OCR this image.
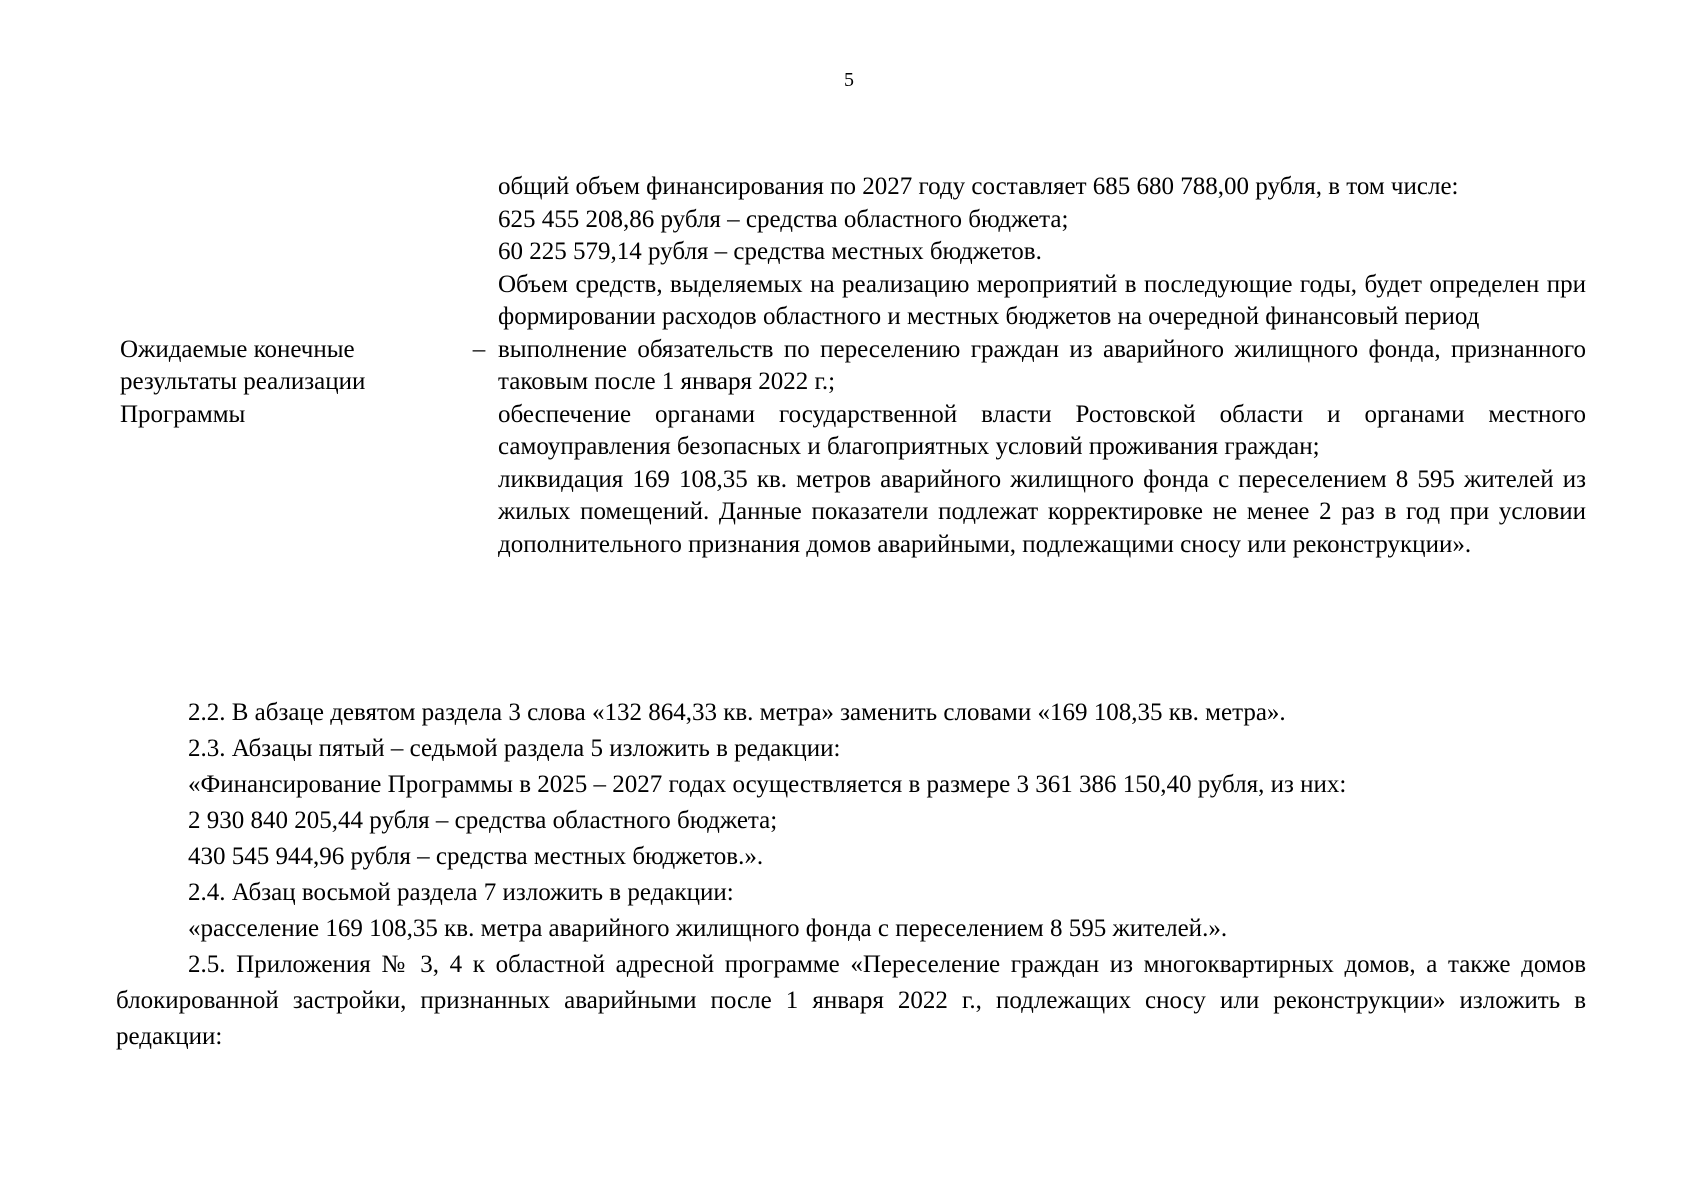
5

общий объем финансирования по 2027 году составляет 685 680 788,00 рубля, в том числе:

625 455 208,86 рубля – средства областного бюджета;

60 225 579,14 рубля – средства местных бюджетов.

Объем средств, выделяемых на реализацию мероприятий в последующие годы, будет определен при формировании расходов областного и местных бюджетов на очередной финансовый период

Ожидаемые конечные результаты реализации Программы
– выполнение обязательств по переселению граждан из аварийного жилищного фонда, признанного таковым после 1 января 2022 г.;

обеспечение органами государственной власти Ростовской области и органами местного самоуправления безопасных и благоприятных условий проживания граждан;

ликвидация 169 108,35 кв. метров аварийного жилищного фонда с переселением 8 595 жителей из жилых помещений. Данные показатели подлежат корректировке не менее 2 раз в год при условии дополнительного признания домов аварийными, подлежащими сносу или реконструкции».

2.2. В абзаце девятом раздела 3 слова «132 864,33 кв. метра» заменить словами «169 108,35 кв. метра».

2.3. Абзацы пятый – седьмой раздела 5 изложить в редакции:

«Финансирование Программы в 2025 – 2027 годах осуществляется в размере 3 361 386 150,40 рубля, из них:

2 930 840 205,44 рубля – средства областного бюджета;

430 545 944,96 рубля – средства местных бюджетов.».

2.4. Абзац восьмой раздела 7 изложить в редакции:

«расселение 169 108,35 кв. метра аварийного жилищного фонда с переселением 8 595 жителей.».

2.5. Приложения № 3, 4 к областной адресной программе «Переселение граждан из многоквартирных домов, а также домов блокированной застройки, признанных аварийными после 1 января 2022 г., подлежащих сносу или реконструкции» изложить в редакции:
